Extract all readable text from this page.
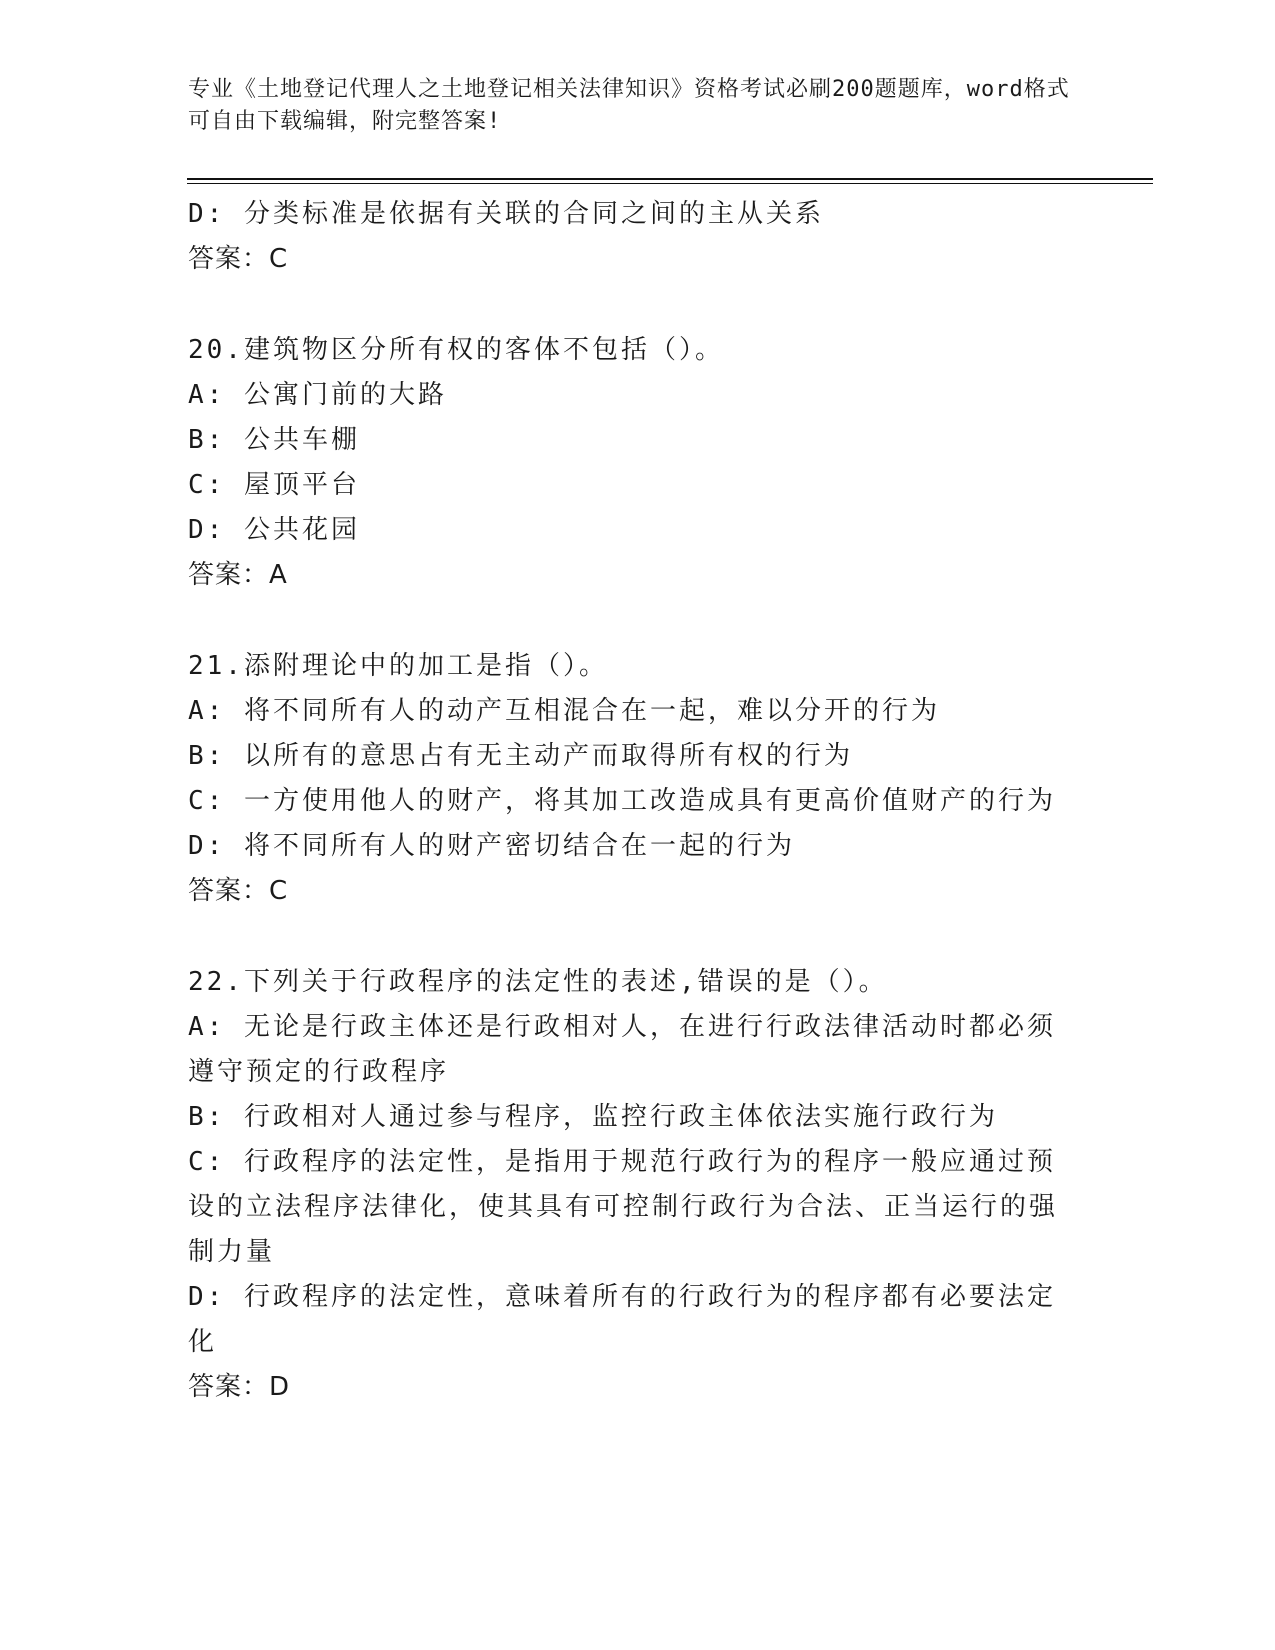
专业《土地登记代理人之土地登记相关法律知识》资格考试必刷200题题库，word格式可自由下载编辑，附完整答案!
D: 分类标准是依据有关联的合同之间的主从关系
答案：C
20.建筑物区分所有权的客体不包括（）。
A: 公寓门前的大路
B: 公共车棚
C: 屋顶平台
D: 公共花园
答案：A
21.添附理论中的加工是指（）。
A: 将不同所有人的动产互相混合在一起，难以分开的行为
B: 以所有的意思占有无主动产而取得所有权的行为
C: 一方使用他人的财产，将其加工改造成具有更高价值财产的行为
D: 将不同所有人的财产密切结合在一起的行为
答案：C
22.下列关于行政程序的法定性的表述,错误的是（）。
A: 无论是行政主体还是行政相对人，在进行行政法律活动时都必须遵守预定的行政程序
B: 行政相对人通过参与程序，监控行政主体依法实施行政行为
C: 行政程序的法定性，是指用于规范行政行为的程序一般应通过预设的立法程序法律化，使其具有可控制行政行为合法、正当运行的强制力量
D: 行政程序的法定性，意味着所有的行政行为的程序都有必要法定化
答案：D
